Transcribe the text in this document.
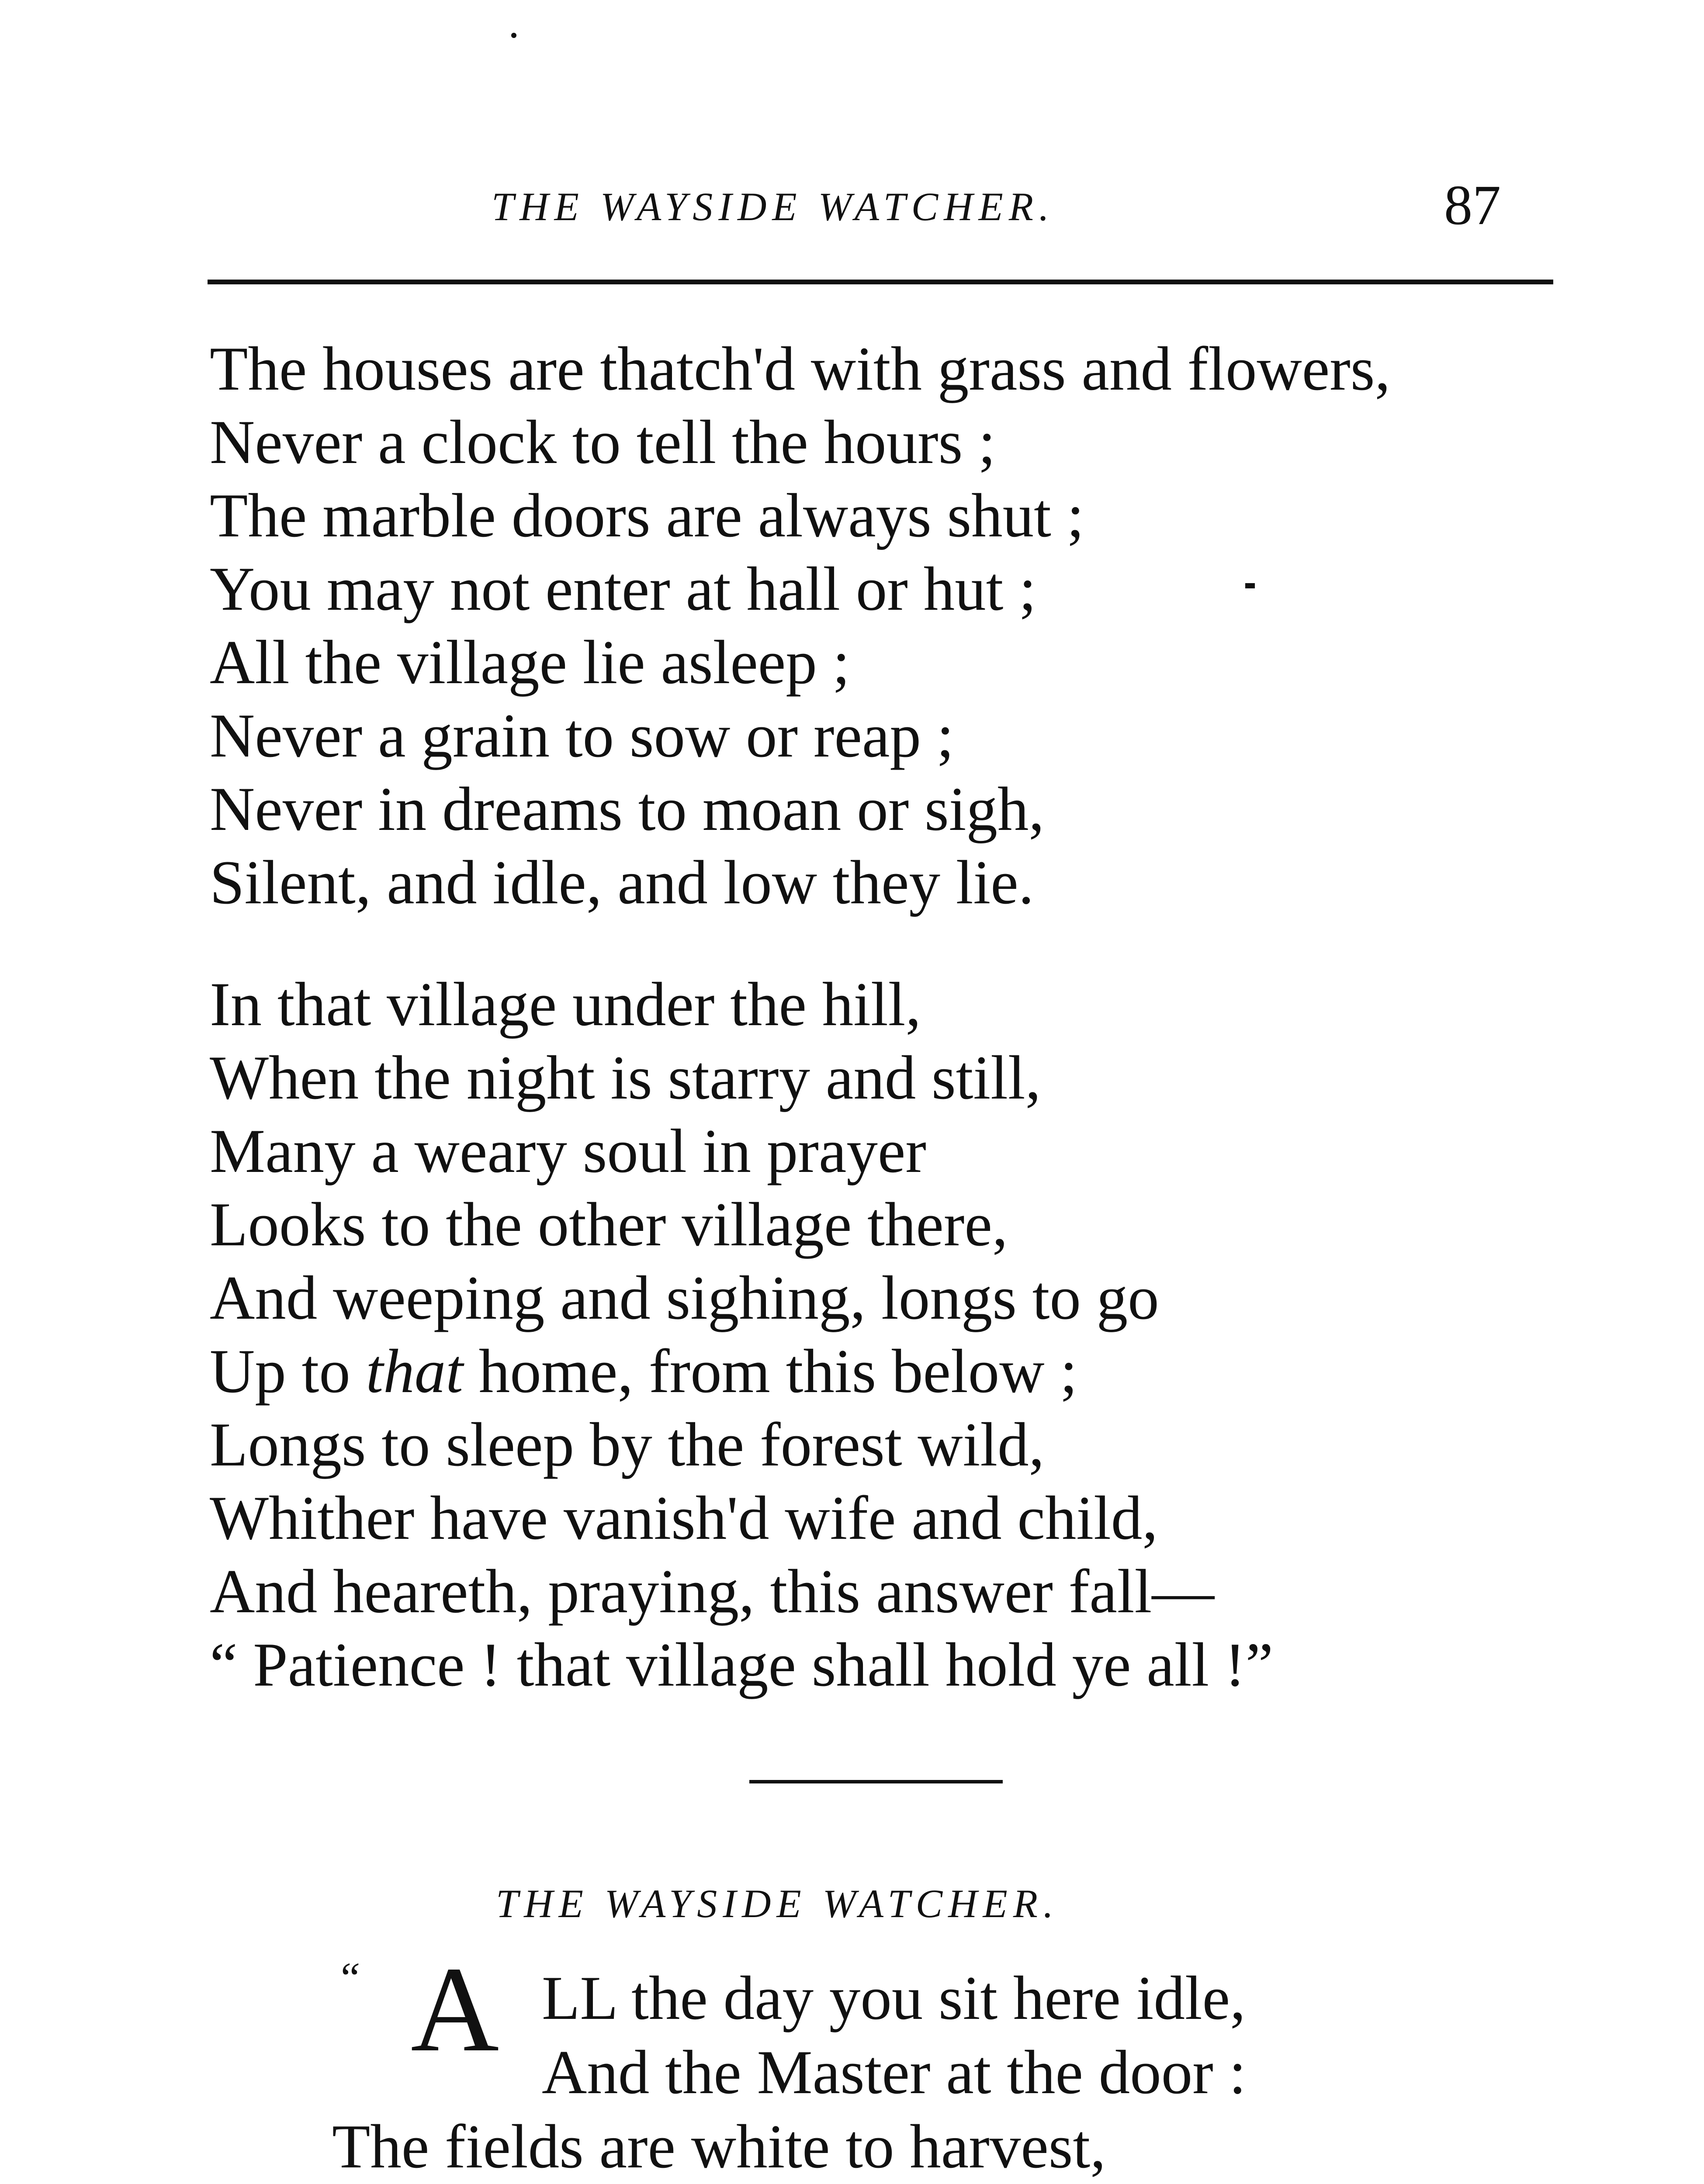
THE WAYSIDE WATCHER.	87
The houses are thatch'd with grass and flowers,
Never a clock to tell the hours ;
The marble doors are always shut ;
You may not enter at hall or hut ;
All the village lie asleep ;
Never a grain to sow or reap ;
Never in dreams to moan or sigh,
Silent, and idle, and low they lie.
In that village under the hill,
When the night is starry and still,
Many a weary soul in prayer
Looks to the other village there,
And weeping and sighing, longs to go
Up to that home, from this below ;
Longs to sleep by the forest wild,
Whither have vanish'd wife and child,
And heareth, praying, this answer fall—
“ Patience ! that village shall hold ye all !”
THE WAYSIDE WATCHER.
“ A LL the day you sit here idle,
And the Master at the door :
The fields are white to harvest,
